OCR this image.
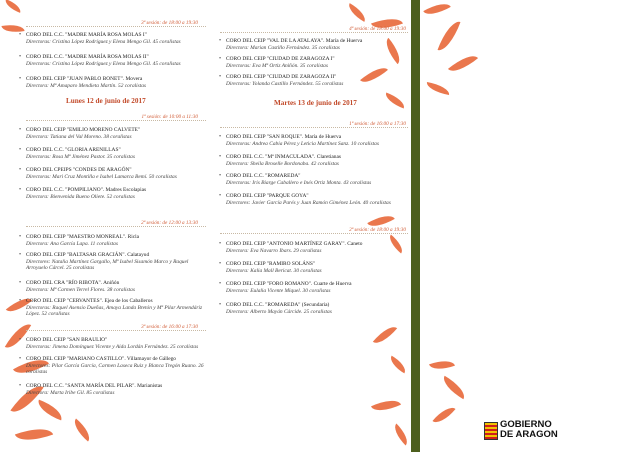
3ª sesión: de 18:00 a 19:30
• CORO DEL C.C. "MADRE MARÍA ROSA MOLAS I"
Directoras: Cristina López Rodríguez y Elena Mengo Gil. 45 coralistas
• CORO DEL C.C. "MADRE MARÍA ROSA MOLAS II"
Directoras: Cristina López Rodríguez y Elena Mengo Gil. 45 coralistas
• CORO DEL CEIP "JUAN PABLO BONET". Movera
Directora: Mª Amaparo Mendieta Martín. 52 coralistas
Lunes 12 de junio de 2017
1ª sesión: de 10:00 a 11:30
• CORO DEL CEIP "EMILIO MORENO CALVETE"
Directora: Tatiana del Val Moreno. 38 coralistas
• CORO DEL C.C. "GLORIA ARENILLAS"
Directoras: Rosa Mª Jiménez Pastor. 35 coralistas
• CORO DEL CPEIPS "CONDES DE ARAGÓN"
Directoras: Mari Cruz Montilla e Isabel Lamarca Bemí. 50 coralistas
• CORO DEL C.C. "POMPILIANO". Madres Escolapias
Directora: Bienvenida Bueno Oliete. 52 coralistas
2ª sesión: de 12:00 a 13:30
• CORO DEL CEIP "MAESTRO MONREAL". Ricla
Directora: Ana García Lapa. 11 coralistas
• CORO DEL CEIP "BALTASAR GRACIÁN". Calatayud
Directores: Natalia Martínez Gargallo, Mª Isabel Sisamón Marco y Raquel Arroyuelo Cárcel. 25 coralistas
• CORO DEL CRA "RÍO RIBOTA". Aniñón
Directora: Mª Carmen Terrel Flores. 38 coralistas
• CORO DEL CEIP "CERVANTES". Ejea de los Caballeros
Directoras: Raquel Asensio Dueñas, Amaya Landa Bretón y Mª Pilar Armendáriz López. 52 coralistas
3ª sesión: de 16:00 a 17:30
• CORO DEL CEIP "SAN BRAULIO"
Directoras: Jimena Domínguez Vicente y Aida Lordán Fernández. 25 coralistas
• CORO DEL CEIP "MARIANO CASTILLO". Villamayor de Gállego
Directores: Pilar García García, Carmen Laseca Ruiz y Blanca Tregón Ruano. 26 coralistas
• CORO DEL C.C. "SANTA MARÍA DEL PILAR". Marianistas
Directora: Marta Iribe Gil. 85 coralistas
4ª sesión: de 18:00 a 19:30
• CORO DEL CEIP "VAL DE LA ATALAYA". María de Huerva
Directora: Marian Castillo Fernández. 35 coralistas
• CORO DEL CEIP "CIUDAD DE ZARAGOZA I"
Directoras: Eva Mª Ortiz Aniñón. 35 coralistas
• CORO DEL CEIP "CIUDAD DE ZARAGOZA II"
Directoras: Yolanda Castillo Fernández. 55 coralistas
Martes 13 de junio de 2017
1ª sesión: de 16:00 a 17:30
• CORO DEL CEIP "SAN ROQUE". María de Huerva
Directoras: Andrea Cabia Pérez y Leticia Martínez Sanz. 10 coralistas
• CORO DEL C.C. "Mª INMACULADA". Claretianas
Directora: Sheila Broselle Bordonaba. 42 coralistas
• CORO DEL C.C. "ROMAREDA"
Directoras: Iris Biarge Caballero e Inés Ortiz Monta. 43 coralistas
• CORO DEL CEIP "PARQUE GOYA"
Directores: Javier García Parés y Juan Ramón Giménez León. 40 coralistas
2ª sesión: de 18:00 a 19:30
• CORO DEL CEIP "ANTONIO MARTÍNEZ GARAY". Caneto
Directora: Eva Navarro Ibars. 29 coralistas
• CORO DEL CEIP "RAMIRO SOLÁNS"
Directora: Kalia Mall Bericat. 30 coralistas
• CORO DEL CEIP "FORO ROMANO". Cuarte de Huerva
Directora: Eulalia Vicente Miquel. 30 coralistas
• CORO DEL C.C. "ROMAREDA" (Secundaria)
Directora: Alberto Mayán Cárcide. 25 coralistas
GOBIERNO
DE ARAGON
